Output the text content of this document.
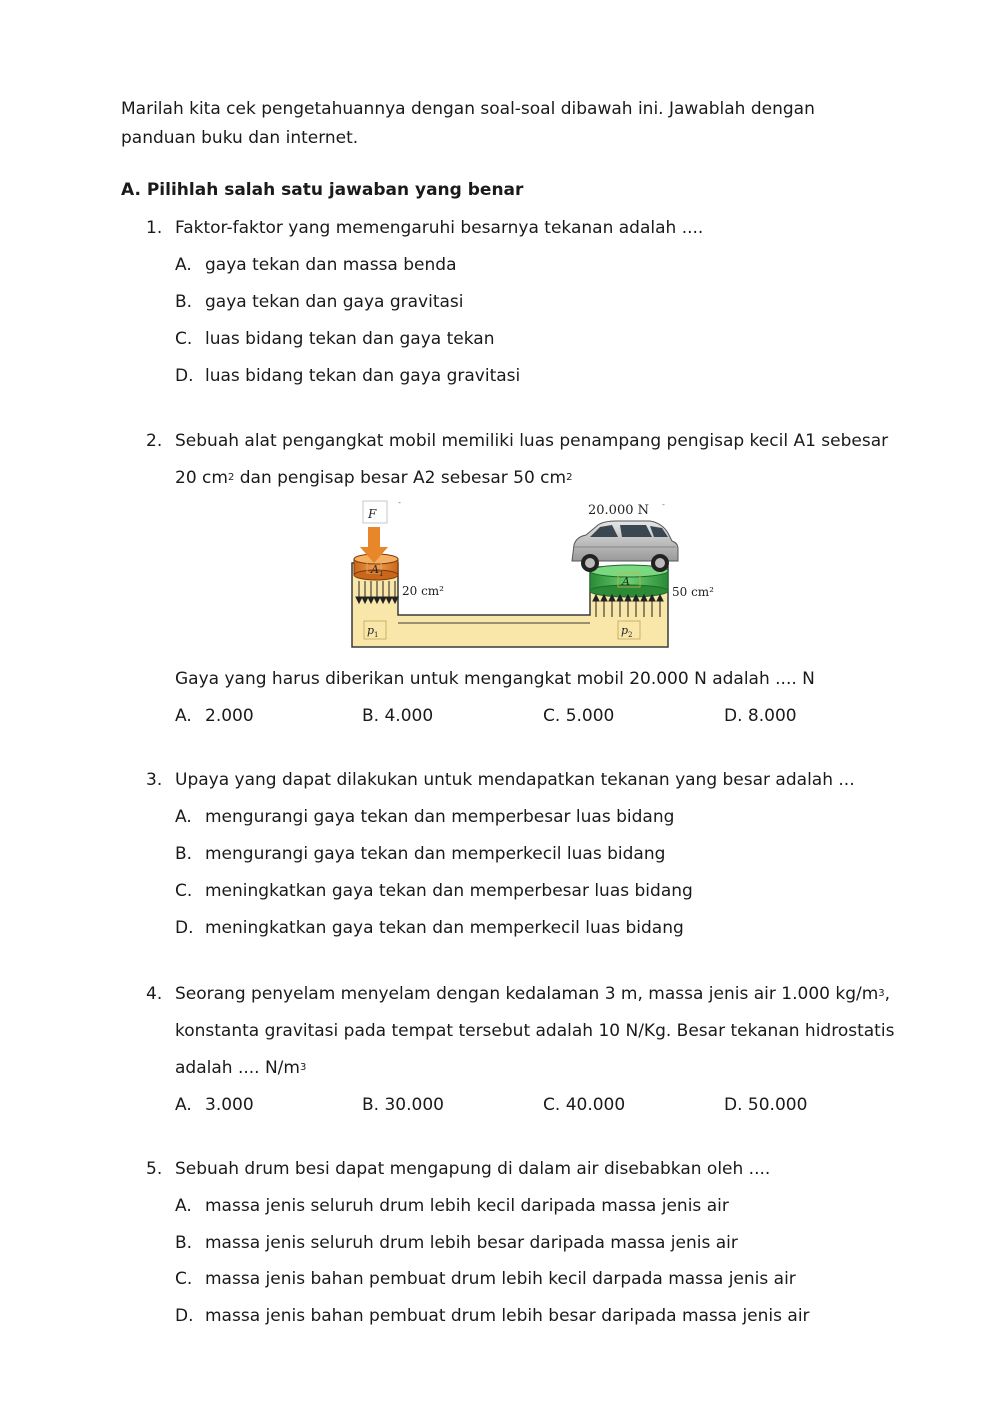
Marilah kita cek pengetahuannya dengan soal-soal dibawah ini. Jawablah dengan panduan buku dan internet.
A. Pilihlah salah satu jawaban yang benar
1. Faktor-faktor yang memengaruhi besarnya tekanan adalah ....
A. gaya tekan dan massa benda
B. gaya tekan dan gaya gravitasi
C. luas bidang tekan dan gaya tekan
D. luas bidang tekan dan gaya gravitasi
2. Sebuah alat pengangkat mobil memiliki luas penampang pengisap kecil A1 sebesar
20 $cm^2$ dan pengisap besar A2 sebesar 50 $cm^2$
A 1
F
-
20 cm²
p 1
A
50 cm²
p 2
20.000 N -
Gaya yang harus diberikan untuk mengangkat mobil 20.000 N adalah .... N
A. 2.000	B. 4.000	C. 5.000	D. 8.000
3. Upaya yang dapat dilakukan untuk mendapatkan tekanan yang besar adalah ...
A. mengurangi gaya tekan dan memperbesar luas bidang
B. mengurangi gaya tekan dan memperkecil luas bidang
C. meningkatkan gaya tekan dan memperbesar luas bidang
D. meningkatkan gaya tekan dan memperkecil luas bidang
4. Seorang penyelam menyelam dengan kedalaman 3 m, massa jenis air 1.000 $kg/m^3$,
konstanta gravitasi pada tempat tersebut adalah 10 N/Kg. Besar tekanan hidrostatis
adalah .... $N/m^3$
A. 3.000	B. 30.000	C. 40.000	D. 50.000
5. Sebuah drum besi dapat mengapung di dalam air disebabkan oleh ....
A. massa jenis seluruh drum lebih kecil daripada massa jenis air
B. massa jenis seluruh drum lebih besar daripada massa jenis air
C. massa jenis bahan pembuat drum lebih kecil darpada massa jenis air
D. massa jenis bahan pembuat drum lebih besar daripada massa jenis air
